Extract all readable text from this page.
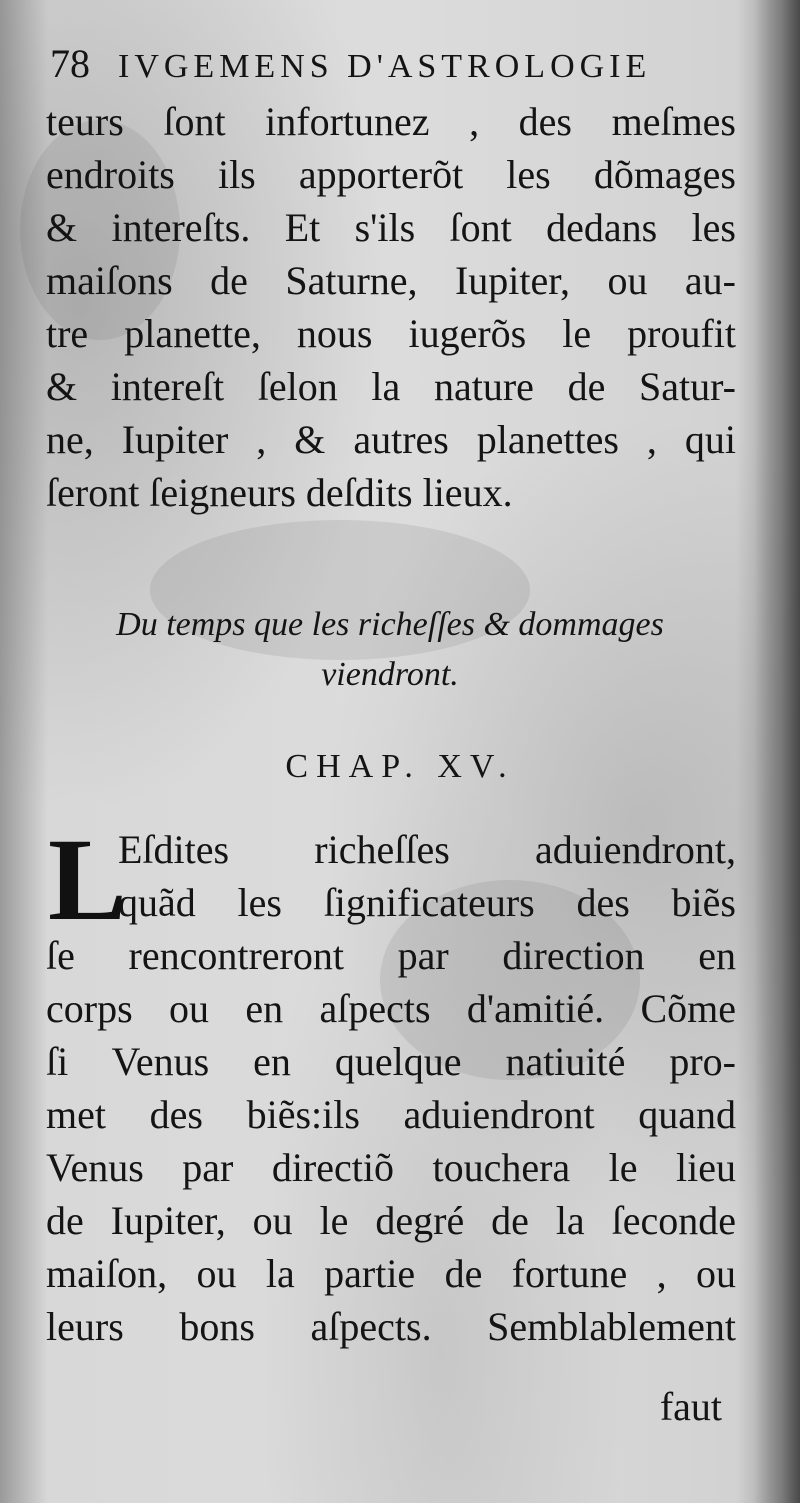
78 IVGEMENS D'ASTROLOGIE

teurs ſont infortunez , des meſmes
endroits ils apporterõt les dõmages
& intereſts. Et s'ils ſont dedans les
maiſons de Saturne, Iupiter, ou au-
tre planette, nous iugerõs le proufit
& intereſt ſelon la nature de Satur-
ne, Iupiter , & autres planettes , qui
ſeront ſeigneurs deſdits lieux.

Du temps que les richeſſes & dommages
viendront.
CHAP. XV.
L

Eſdites richeſſes aduiendront,
quãd les ſignificateurs des biẽs
ſe rencontreront par direction en
corps ou en aſpects d'amitié. Cõme
ſi Venus en quelque natiuité pro-
met des biẽs:ils aduiendront quand
Venus par directiõ touchera le lieu
de Iupiter, ou le degré de la ſeconde
maiſon, ou la partie de fortune , ou
leurs bons aſpects. Semblablement

faut
